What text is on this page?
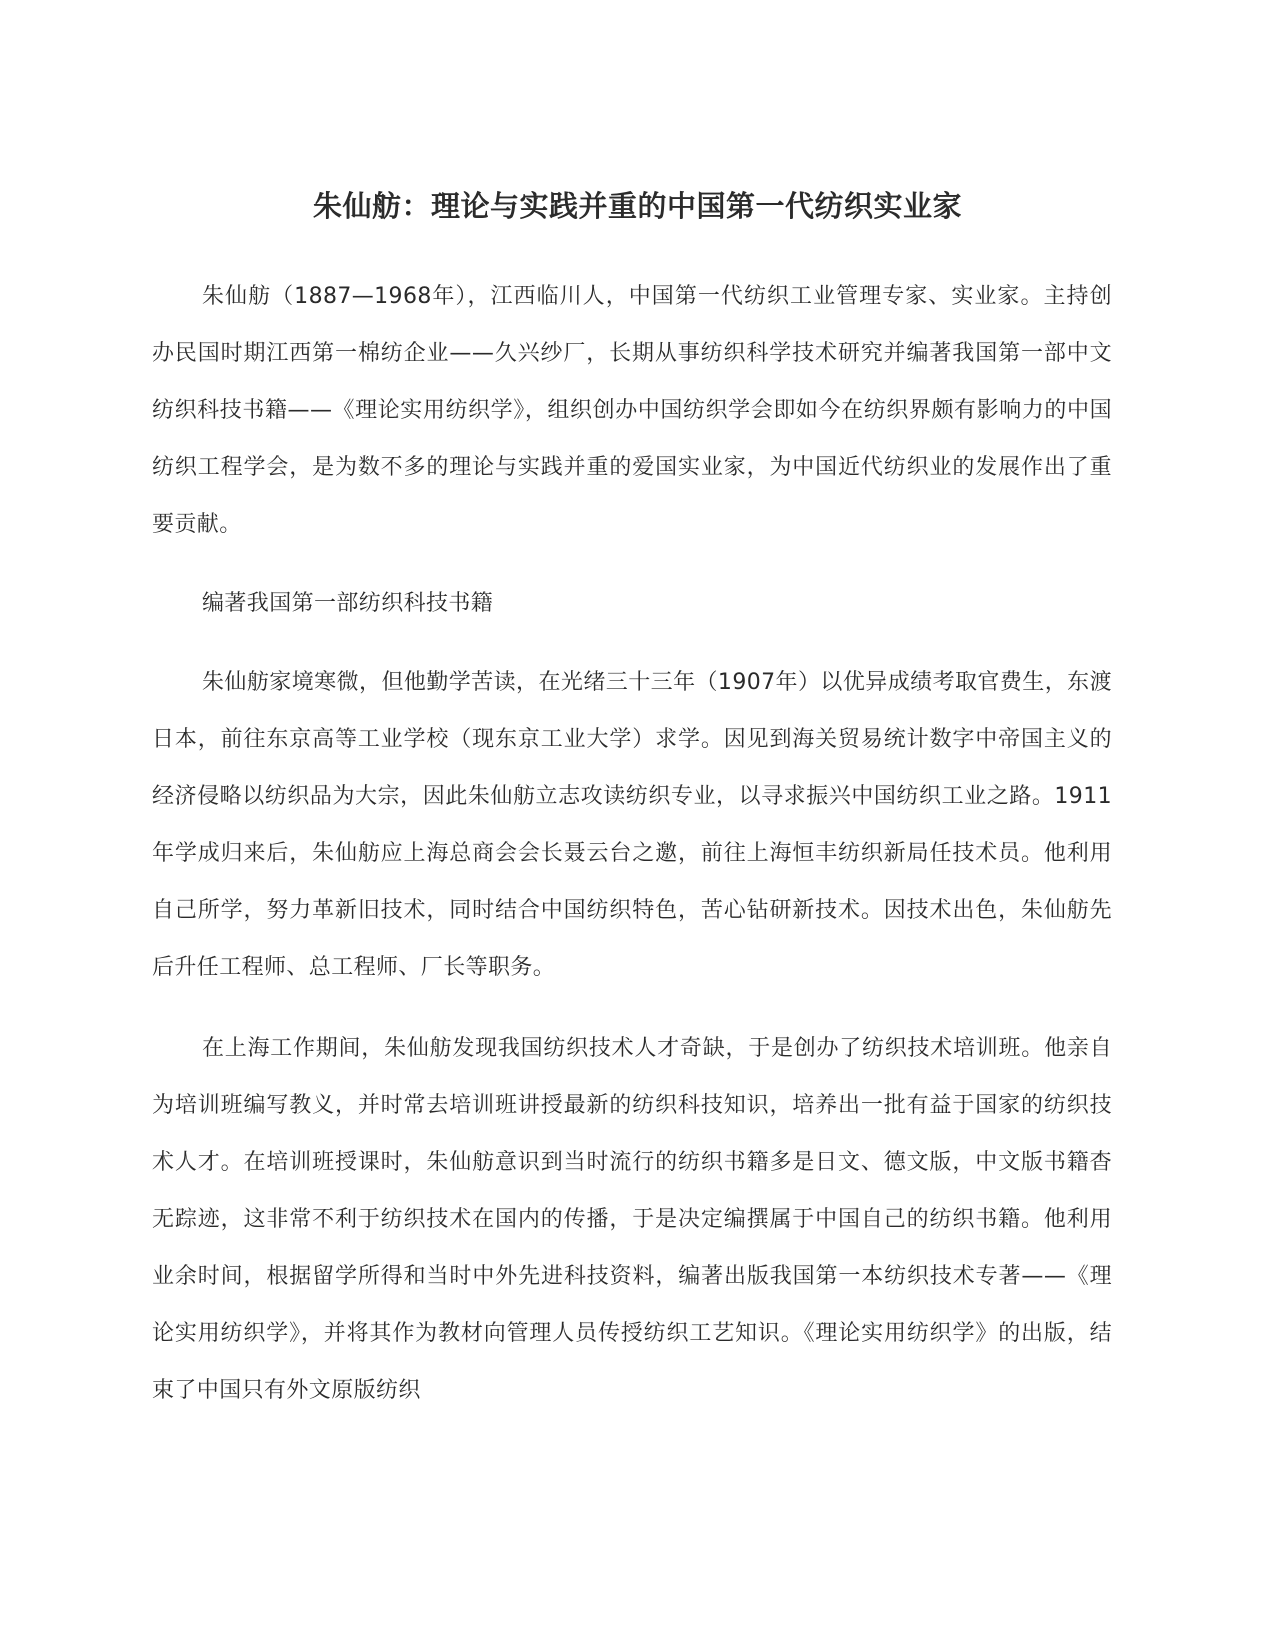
朱仙舫：理论与实践并重的中国第一代纺织实业家

朱仙舫（1887—1968年），江西临川人，中国第一代纺织工业管理专家、实业家。主持创办民国时期江西第一棉纺企业——久兴纱厂，长期从事纺织科学技术研究并编著我国第一部中文纺织科技书籍——《理论实用纺织学》，组织创办中国纺织学会即如今在纺织界颇有影响力的中国纺织工程学会，是为数不多的理论与实践并重的爱国实业家，为中国近代纺织业的发展作出了重要贡献。

编著我国第一部纺织科技书籍

朱仙舫家境寒微，但他勤学苦读，在光绪三十三年（1907年）以优异成绩考取官费生，东渡日本，前往东京高等工业学校（现东京工业大学）求学。因见到海关贸易统计数字中帝国主义的经济侵略以纺织品为大宗，因此朱仙舫立志攻读纺织专业，以寻求振兴中国纺织工业之路。1911年学成归来后，朱仙舫应上海总商会会长聂云台之邀，前往上海恒丰纺织新局任技术员。他利用自己所学，努力革新旧技术，同时结合中国纺织特色，苦心钻研新技术。因技术出色，朱仙舫先后升任工程师、总工程师、厂长等职务。

在上海工作期间，朱仙舫发现我国纺织技术人才奇缺，于是创办了纺织技术培训班。他亲自为培训班编写教义，并时常去培训班讲授最新的纺织科技知识，培养出一批有益于国家的纺织技术人才。在培训班授课时，朱仙舫意识到当时流行的纺织书籍多是日文、德文版，中文版书籍杳无踪迹，这非常不利于纺织技术在国内的传播，于是决定编撰属于中国自己的纺织书籍。他利用业余时间，根据留学所得和当时中外先进科技资料，编著出版我国第一本纺织技术专著——《理论实用纺织学》，并将其作为教材向管理人员传授纺织工艺知识。《理论实用纺织学》的出版，结束了中国只有外文原版纺织
